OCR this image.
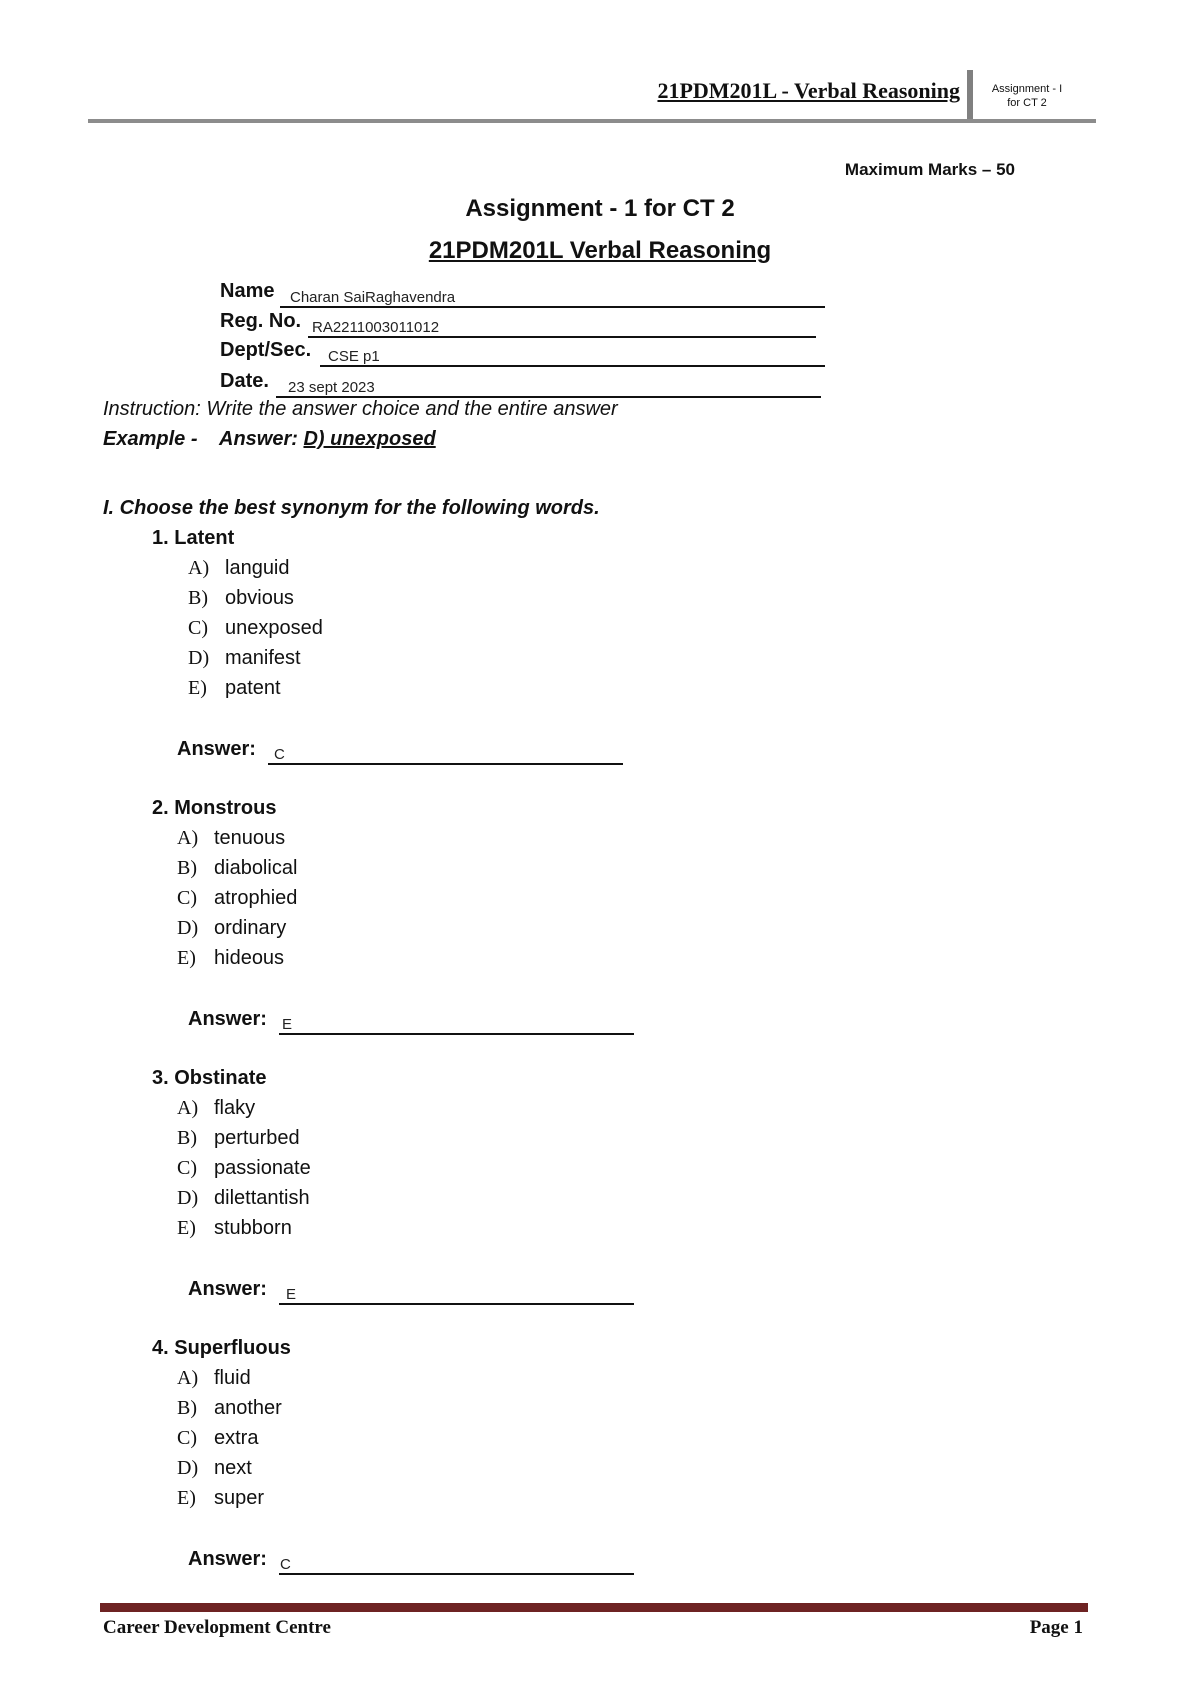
21PDM201L - Verbal Reasoning	Assignment - I
for CT 2
Maximum Marks – 50
Assignment - 1 for CT 2
21PDM201L Verbal Reasoning
Name Charan SaiRaghavendra
Reg. No. RA2211003011012
Dept/Sec. CSE p1
Date. 23 sept 2023
Instruction: Write the answer choice and the entire answer
Example - Answer: D) unexposed
I. Choose the best synonym for the following words.
1. Latent
A) languid
B) obvious
C) unexposed
D) manifest
E) patent
Answer: C
2. Monstrous
A) tenuous
B) diabolical
C) atrophied
D) ordinary
E) hideous
Answer: E
3. Obstinate
A) flaky
B) perturbed
C) passionate
D) dilettantish
E) stubborn
Answer: E
4. Superfluous
A) fluid
B) another
C) extra
D) next
E) super
Answer: C
Career Development Centre	Page 1
